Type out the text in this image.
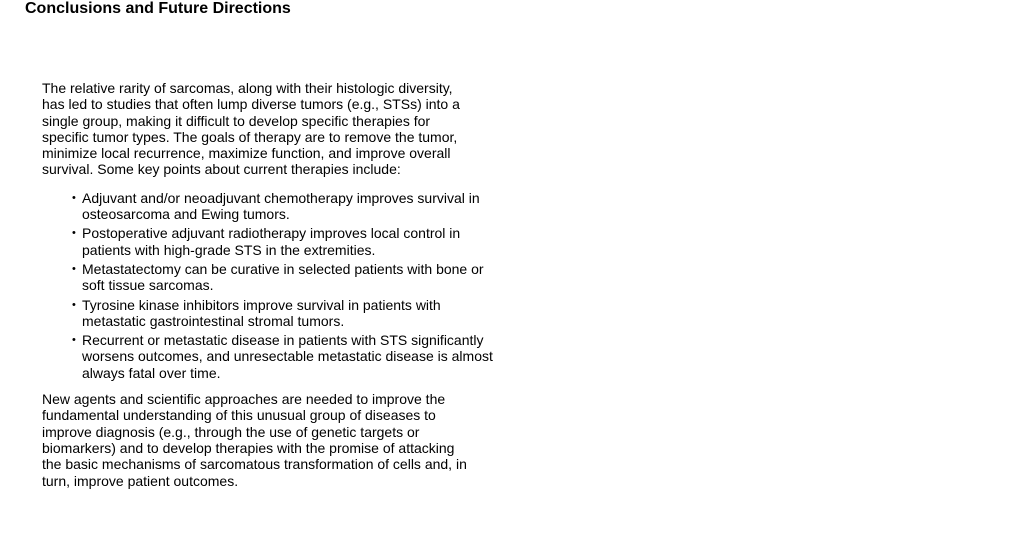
Conclusions and Future Directions

The relative rarity of sarcomas, along with their histologic diversity,
has led to studies that often lump diverse tumors (e.g., STSs) into a
single group, making it difficult to develop specific therapies for
specific tumor types. The goals of therapy are to remove the tumor,
minimize local recurrence, maximize function, and improve overall
survival. Some key points about current therapies include:

• Adjuvant and/or neoadjuvant chemotherapy improves survival in
osteosarcoma and Ewing tumors.
• Postoperative adjuvant radiotherapy improves local control in
patients with high-grade STS in the extremities.
• Metastatectomy can be curative in selected patients with bone or
soft tissue sarcomas.
• Tyrosine kinase inhibitors improve survival in patients with
metastatic gastrointestinal stromal tumors.
• Recurrent or metastatic disease in patients with STS significantly
worsens outcomes, and unresectable metastatic disease is almost
always fatal over time.

New agents and scientific approaches are needed to improve the
fundamental understanding of this unusual group of diseases to
improve diagnosis (e.g., through the use of genetic targets or
biomarkers) and to develop therapies with the promise of attacking
the basic mechanisms of sarcomatous transformation of cells and, in
turn, improve patient outcomes.
